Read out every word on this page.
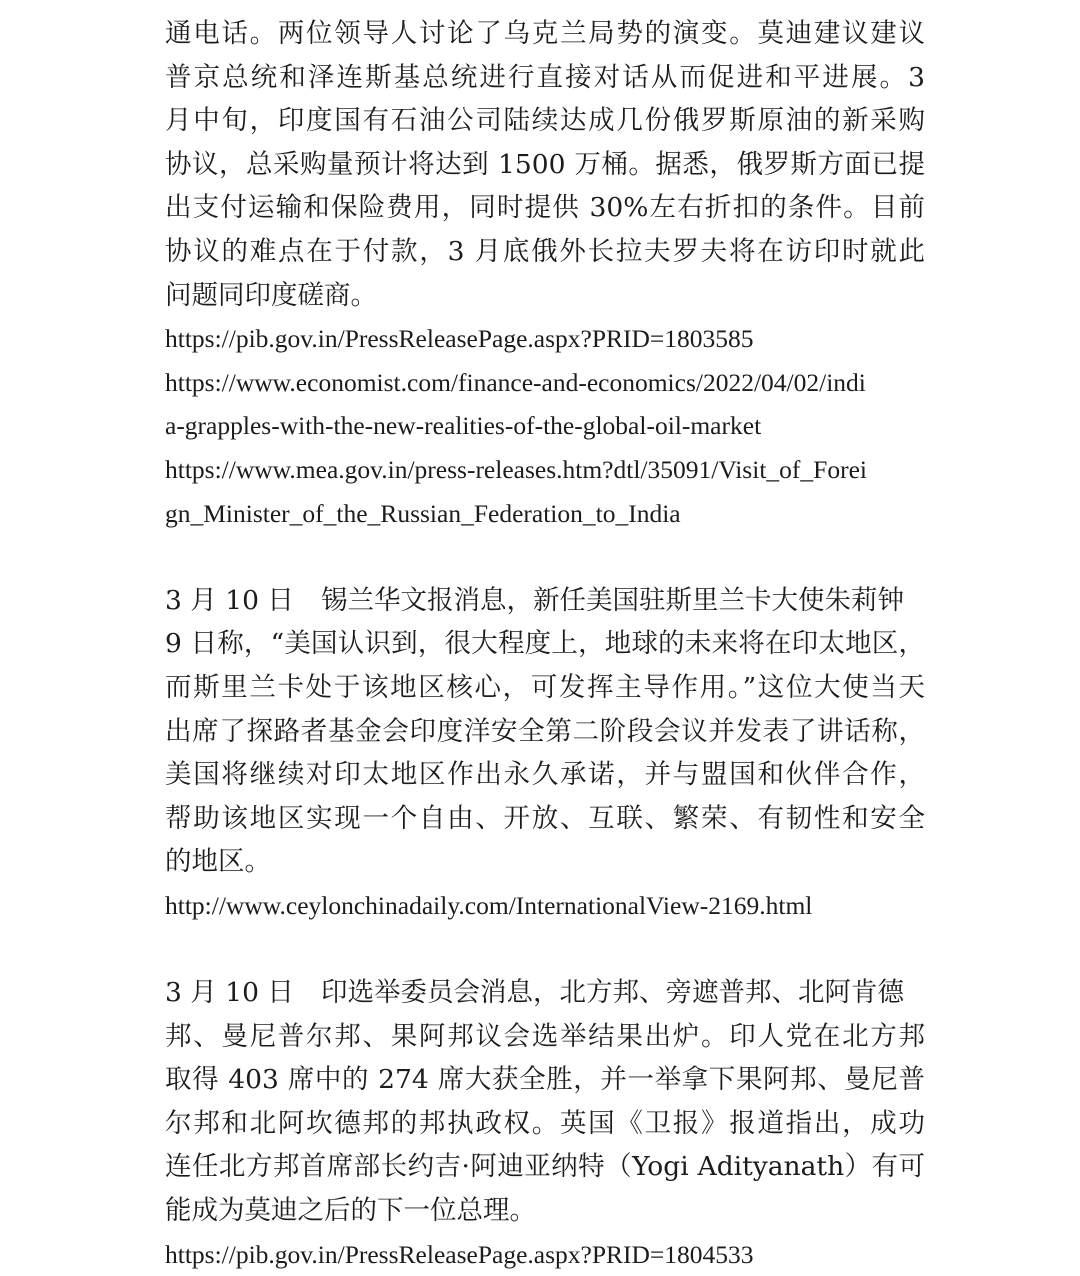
通电话。两位领导人讨论了乌克兰局势的演变。莫迪建议建议
普京总统和泽连斯基总统进行直接对话从而促进和平进展。3
月中旬，印度国有石油公司陆续达成几份俄罗斯原油的新采购
协议，总采购量预计将达到 1500 万桶。据悉，俄罗斯方面已提
出支付运输和保险费用，同时提供 30%左右折扣的条件。目前
协议的难点在于付款，3 月底俄外长拉夫罗夫将在访印时就此
问题同印度磋商。
https://pib.gov.in/PressReleasePage.aspx?PRID=1803585
https://www.economist.com/finance-and-economics/2022/04/02/indi
a-grapples-with-the-new-realities-of-the-global-oil-market
https://www.mea.gov.in/press-releases.htm?dtl/35091/Visit_of_Forei
gn_Minister_of_the_Russian_Federation_to_India
3 月 10 日 锡兰华文报消息，新任美国驻斯里兰卡大使朱莉钟
9 日称，“美国认识到，很大程度上，地球的未来将在印太地区，
而斯里兰卡处于该地区核心，可发挥主导作用。”这位大使当天
出席了探路者基金会印度洋安全第二阶段会议并发表了讲话称，
美国将继续对印太地区作出永久承诺，并与盟国和伙伴合作，
帮助该地区实现一个自由、开放、互联、繁荣、有韧性和安全
的地区。
http://www.ceylonchinadaily.com/InternationalView-2169.html
3 月 10 日 印选举委员会消息，北方邦、旁遮普邦、北阿肯德
邦、曼尼普尔邦、果阿邦议会选举结果出炉。印人党在北方邦
取得 403 席中的 274 席大获全胜，并一举拿下果阿邦、曼尼普
尔邦和北阿坎德邦的邦执政权。英国《卫报》报道指出，成功
连任北方邦首席部长约吉·阿迪亚纳特（Yogi Adityanath）有可
能成为莫迪之后的下一位总理。
https://pib.gov.in/PressReleasePage.aspx?PRID=1804533
